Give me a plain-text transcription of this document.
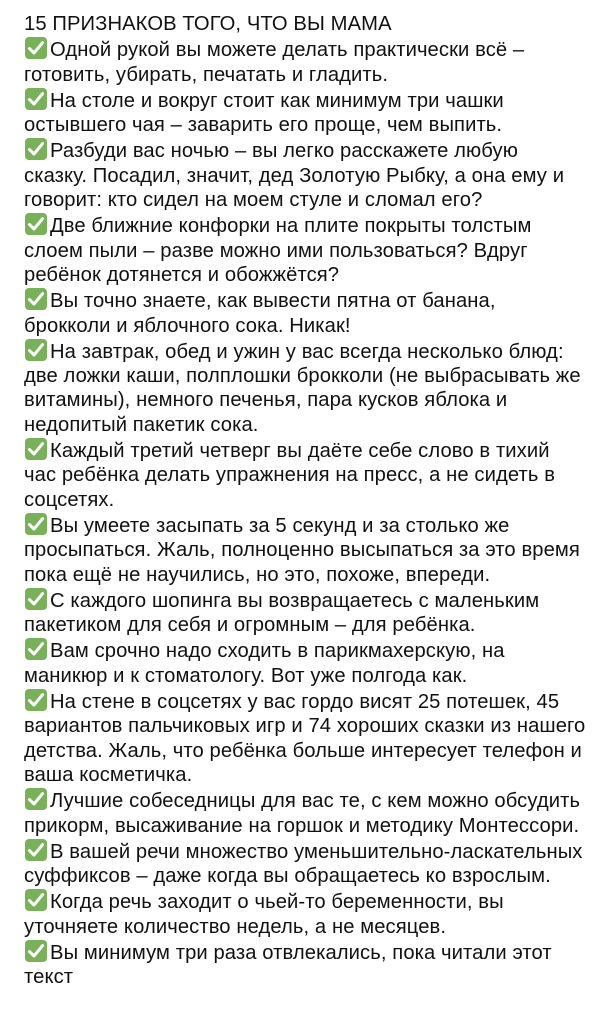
15 ПРИЗНАКОВ ТОГО, ЧТО ВЫ МАМА

Одной рукой вы можете делать практически всё – готовить, убирать, печатать и гладить.

На столе и вокруг стоит как минимум три чашки остывшего чая – заварить его проще, чем выпить.

Разбуди вас ночью – вы легко расскажете любую сказку. Посадил, значит, дед Золотую Рыбку, а она ему и говорит: кто сидел на моем стуле и сломал его?

Две ближние конфорки на плите покрыты толстым слоем пыли – разве можно ими пользоваться? Вдруг ребёнок дотянется и обожжётся?

Вы точно знаете, как вывести пятна от банана, брокколи и яблочного сока. Никак!

На завтрак, обед и ужин у вас всегда несколько блюд: две ложки каши, полплошки брокколи (не выбрасывать же витамины), немного печенья, пара кусков яблока и недопитый пакетик сока.

Каждый третий четверг вы даёте себе слово в тихий час ребёнка делать упражнения на пресс, а не сидеть в соцсетях.

Вы умеете засыпать за 5 секунд и за столько же просыпаться. Жаль, полноценно высыпаться за это время пока ещё не научились, но это, похоже, впереди.

С каждого шопинга вы возвращаетесь с маленьким пакетиком для себя и огромным – для ребёнка.

Вам срочно надо сходить в парикмахерскую, на маникюр и к стоматологу. Вот уже полгода как.

На стене в соцсетях у вас гордо висят 25 потешек, 45 вариантов пальчиковых игр и 74 хороших сказки из нашего детства. Жаль, что ребёнка больше интересует телефон и ваша косметичка.

Лучшие собеседницы для вас те, с кем можно обсудить прикорм, высаживание на горшок и методику Монтессори.

В вашей речи множество уменьшительно-ласкательных суффиксов – даже когда вы обращаетесь ко взрослым.

Когда речь заходит о чьей-то беременности, вы уточняете количество недель, а не месяцев.

Вы минимум три раза отвлекались, пока читали этот текст
